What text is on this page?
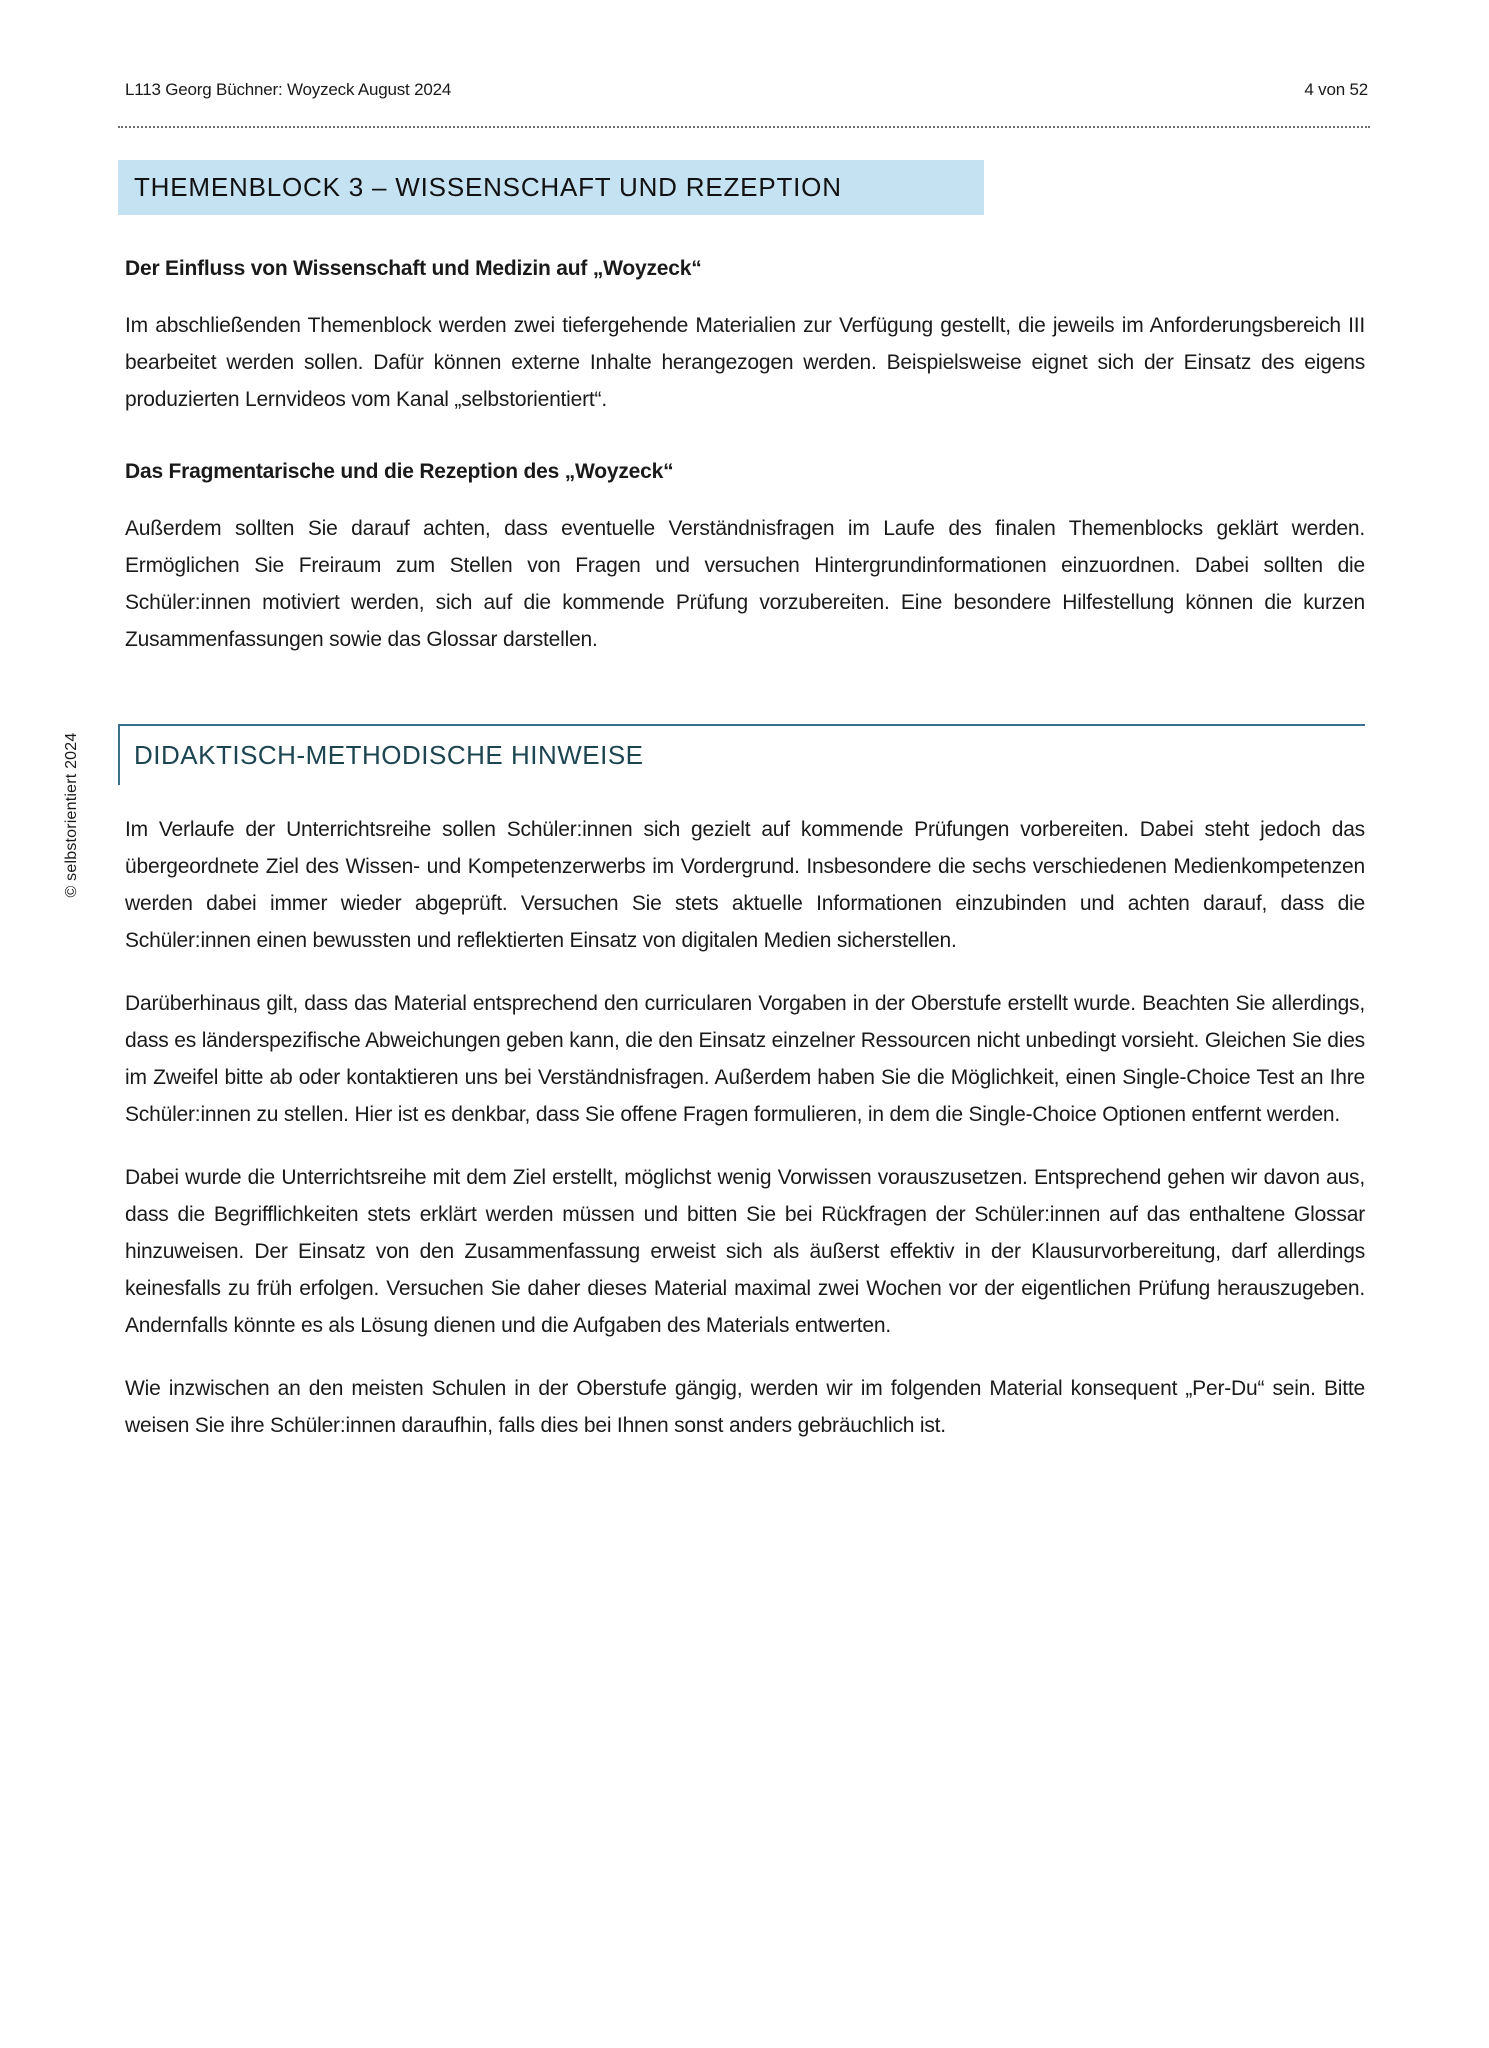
L113 Georg Büchner: Woyzeck August 2024	4 von 52
© selbstorientiert 2024
THEMENBLOCK 3 – WISSENSCHAFT UND REZEPTION
Der Einfluss von Wissenschaft und Medizin auf „Woyzeck“

Im abschließenden Themenblock werden zwei tiefergehende Materialien zur Verfügung gestellt, die jeweils im Anforderungsbereich III bearbeitet werden sollen. Dafür können externe Inhalte herangezogen werden. Beispielsweise eignet sich der Einsatz des eigens produzierten Lernvideos vom Kanal „selbstorientiert“.

Das Fragmentarische und die Rezeption des „Woyzeck“

Außerdem sollten Sie darauf achten, dass eventuelle Verständnisfragen im Laufe des finalen Themenblocks geklärt werden. Ermöglichen Sie Freiraum zum Stellen von Fragen und versuchen Hintergrundinformationen einzuordnen. Dabei sollten die Schüler:innen motiviert werden, sich auf die kommende Prüfung vorzubereiten. Eine besondere Hilfestellung können die kurzen Zusammenfassungen sowie das Glossar darstellen.

DIDAKTISCH-METHODISCHE HINWEISE

Im Verlaufe der Unterrichtsreihe sollen Schüler:innen sich gezielt auf kommende Prüfungen vorbereiten. Dabei steht jedoch das übergeordnete Ziel des Wissen- und Kompetenzerwerbs im Vordergrund. Insbesondere die sechs verschiedenen Medienkompetenzen werden dabei immer wieder abgeprüft. Versuchen Sie stets aktuelle Informationen einzubinden und achten darauf, dass die Schüler:innen einen bewussten und reflektierten Einsatz von digitalen Medien sicherstellen.

Darüberhinaus gilt, dass das Material entsprechend den curricularen Vorgaben in der Oberstufe erstellt wurde. Beachten Sie allerdings, dass es länderspezifische Abweichungen geben kann, die den Einsatz einzelner Ressourcen nicht unbedingt vorsieht. Gleichen Sie dies im Zweifel bitte ab oder kontaktieren uns bei Verständnisfragen. Außerdem haben Sie die Möglichkeit, einen Single-Choice Test an Ihre Schüler:innen zu stellen. Hier ist es denkbar, dass Sie offene Fragen formulieren, in dem die Single-Choice Optionen entfernt werden.

Dabei wurde die Unterrichtsreihe mit dem Ziel erstellt, möglichst wenig Vorwissen vorauszusetzen. Entsprechend gehen wir davon aus, dass die Begrifflichkeiten stets erklärt werden müssen und bitten Sie bei Rückfragen der Schüler:innen auf das enthaltene Glossar hinzuweisen. Der Einsatz von den Zusammenfassung erweist sich als äußerst effektiv in der Klausurvorbereitung, darf allerdings keinesfalls zu früh erfolgen. Versuchen Sie daher dieses Material maximal zwei Wochen vor der eigentlichen Prüfung herauszugeben. Andernfalls könnte es als Lösung dienen und die Aufgaben des Materials entwerten.

Wie inzwischen an den meisten Schulen in der Oberstufe gängig, werden wir im folgenden Material konsequent „Per-Du“ sein. Bitte weisen Sie ihre Schüler:innen daraufhin, falls dies bei Ihnen sonst anders gebräuchlich ist.
